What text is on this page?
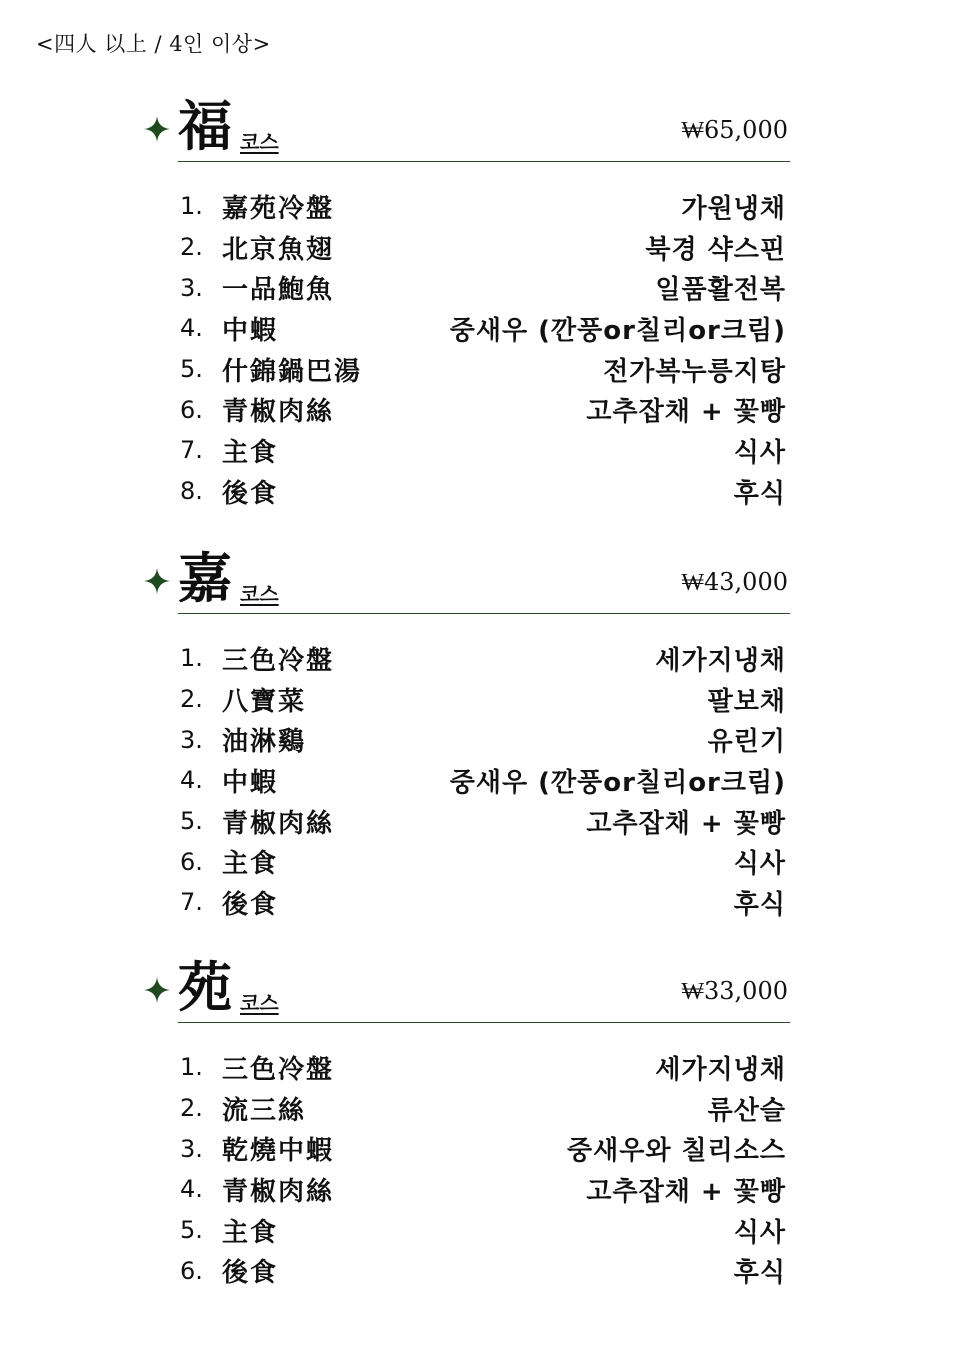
<四人 以上 / 4인 이상>
福 코스	₩65,000
1. 嘉苑冷盤	가원냉채
2. 北京魚翅	북경 샥스핀
3. 一品鮑魚	일품활전복
4. 中蝦	중새우 (깐풍or칠리or크림)
5. 什錦鍋巴湯	전가복누릉지탕
6. 青椒肉絲	고추잡채 + 꽃빵
7. 主食	식사
8. 後食	후식
嘉 코스	₩43,000
1. 三色冷盤	세가지냉채
2. 八寶菜	팔보채
3. 油淋鷄	유린기
4. 中蝦	중새우 (깐풍or칠리or크림)
5. 青椒肉絲	고추잡채 + 꽃빵
6. 主食	식사
7. 後食	후식
苑 코스	₩33,000
1. 三色冷盤	세가지냉채
2. 流三絲	류산슬
3. 乾燒中蝦	중새우와 칠리소스
4. 青椒肉絲	고추잡채 + 꽃빵
5. 主食	식사
6. 後食	후식
